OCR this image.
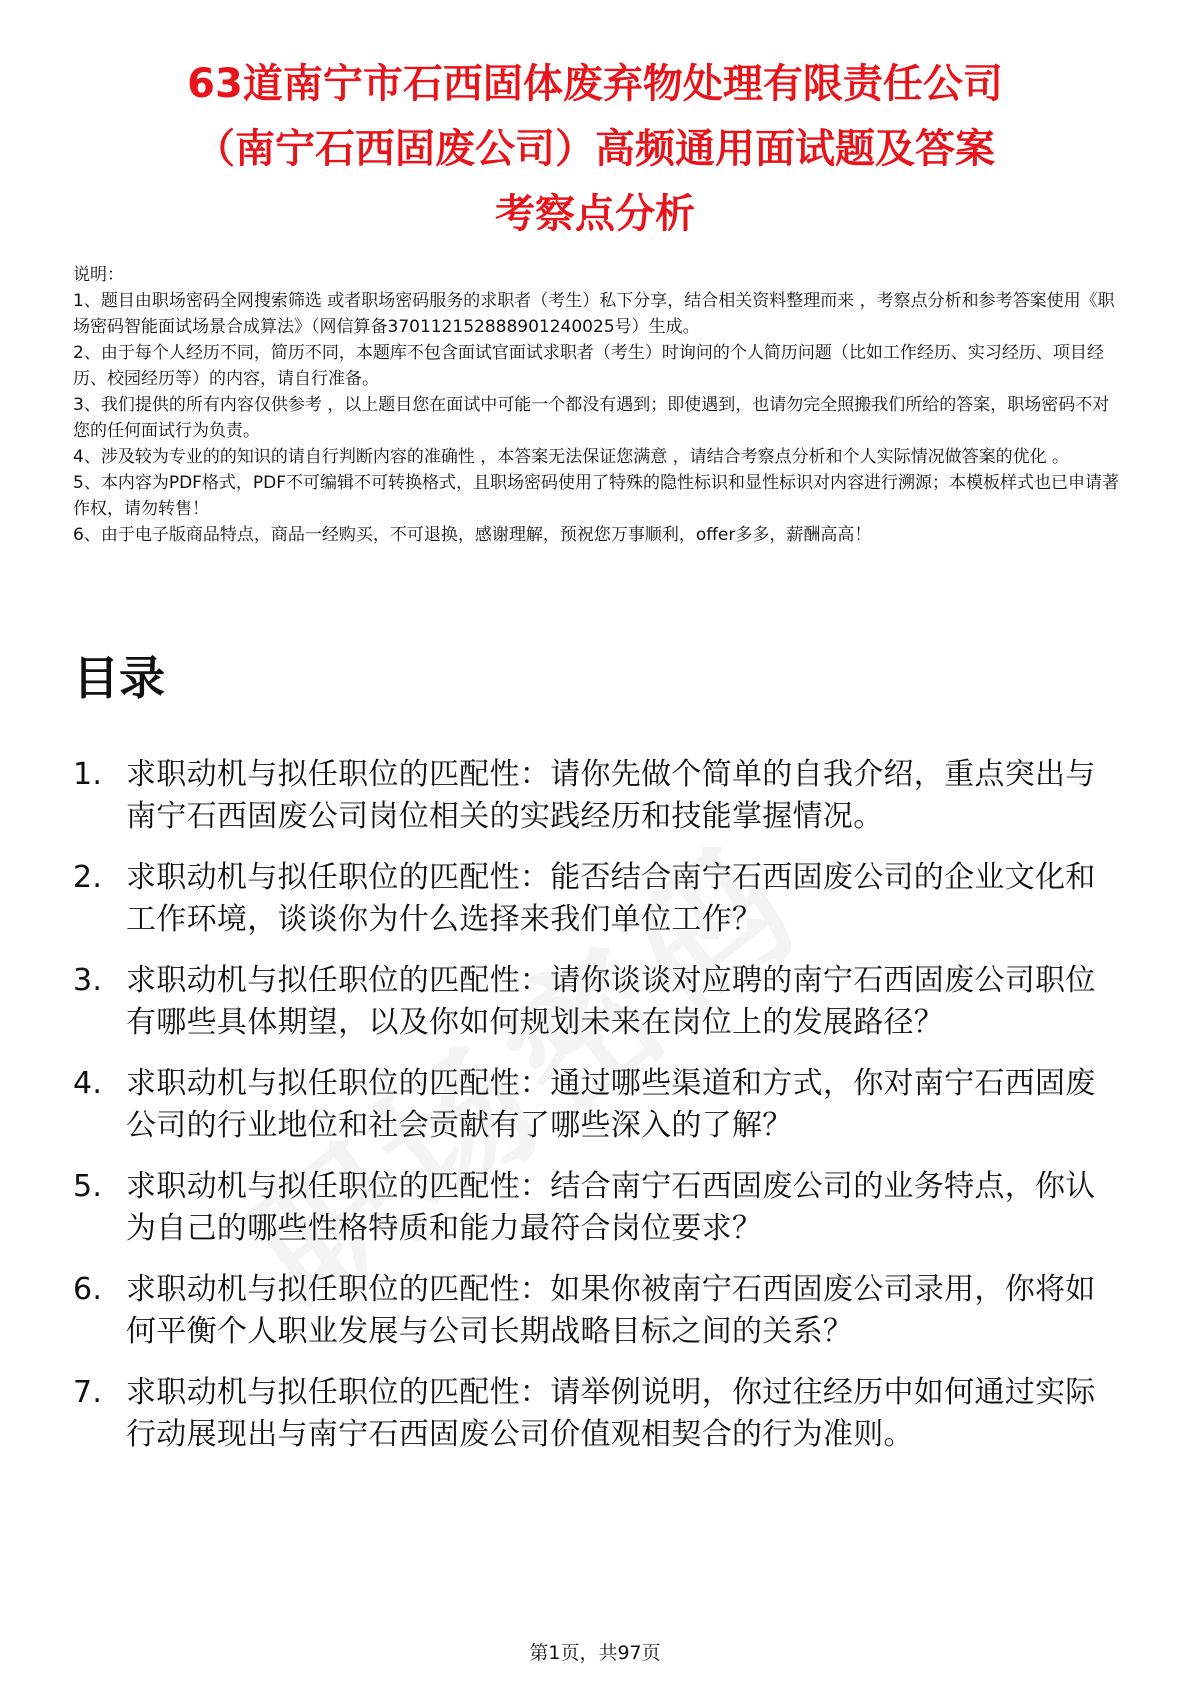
63道南宁市石西固体废弃物处理有限责任公司
（南宁石西固废公司）高频通用面试题及答案
考察点分析

说明：

1、题目由职场密码全网搜索筛选 或者职场密码服务的求职者（考生）私下分享，结合相关资料整理而来 ，考察点分析和参考答案使用《职场密码智能面试场景合成算法》（网信算备370112152888901240025号）生成。

2、由于每个人经历不同，简历不同，本题库不包含面试官面试求职者（考生）时询问的个人简历问题（比如工作经历、实习经历、项目经历、校园经历等）的内容，请自行准备。

3、我们提供的所有内容仅供参考 ，以上题目您在面试中可能一个都没有遇到；即使遇到，也请勿完全照搬我们所给的答案，职场密码不对您的任何面试行为负责。

4、涉及较为专业的的知识的请自行判断内容的准确性 ，本答案无法保证您满意 ，请结合考察点分析和个人实际情况做答案的优化 。

5、本内容为PDF格式，PDF不可编辑不可转换格式，且职场密码使用了特殊的隐性标识和显性标识对内容进行溯源；本模板样式也已申请著作权，请勿转售！

6、由于电子版商品特点，商品一经购买，不可退换，感谢理解，预祝您万事顺利，offer多多，薪酬高高！

目录
1. 求职动机与拟任职位的匹配性：请你先做个简单的自我介绍，重点突出与南宁石西固废公司岗位相关的实践经历和技能掌握情况。
2. 求职动机与拟任职位的匹配性：能否结合南宁石西固废公司的企业文化和工作环境，谈谈你为什么选择来我们单位工作？
3. 求职动机与拟任职位的匹配性：请你谈谈对应聘的南宁石西固废公司职位有哪些具体期望，以及你如何规划未来在岗位上的发展路径？
4. 求职动机与拟任职位的匹配性：通过哪些渠道和方式，你对南宁石西固废公司的行业地位和社会贡献有了哪些深入的了解？
5. 求职动机与拟任职位的匹配性：结合南宁石西固废公司的业务特点，你认为自己的哪些性格特质和能力最符合岗位要求？
6. 求职动机与拟任职位的匹配性：如果你被南宁石西固废公司录用，你将如何平衡个人职业发展与公司长期战略目标之间的关系？
7. 求职动机与拟任职位的匹配性：请举例说明，你过往经历中如何通过实际行动展现出与南宁石西固废公司价值观相契合的行为准则。
第1页，共97页
